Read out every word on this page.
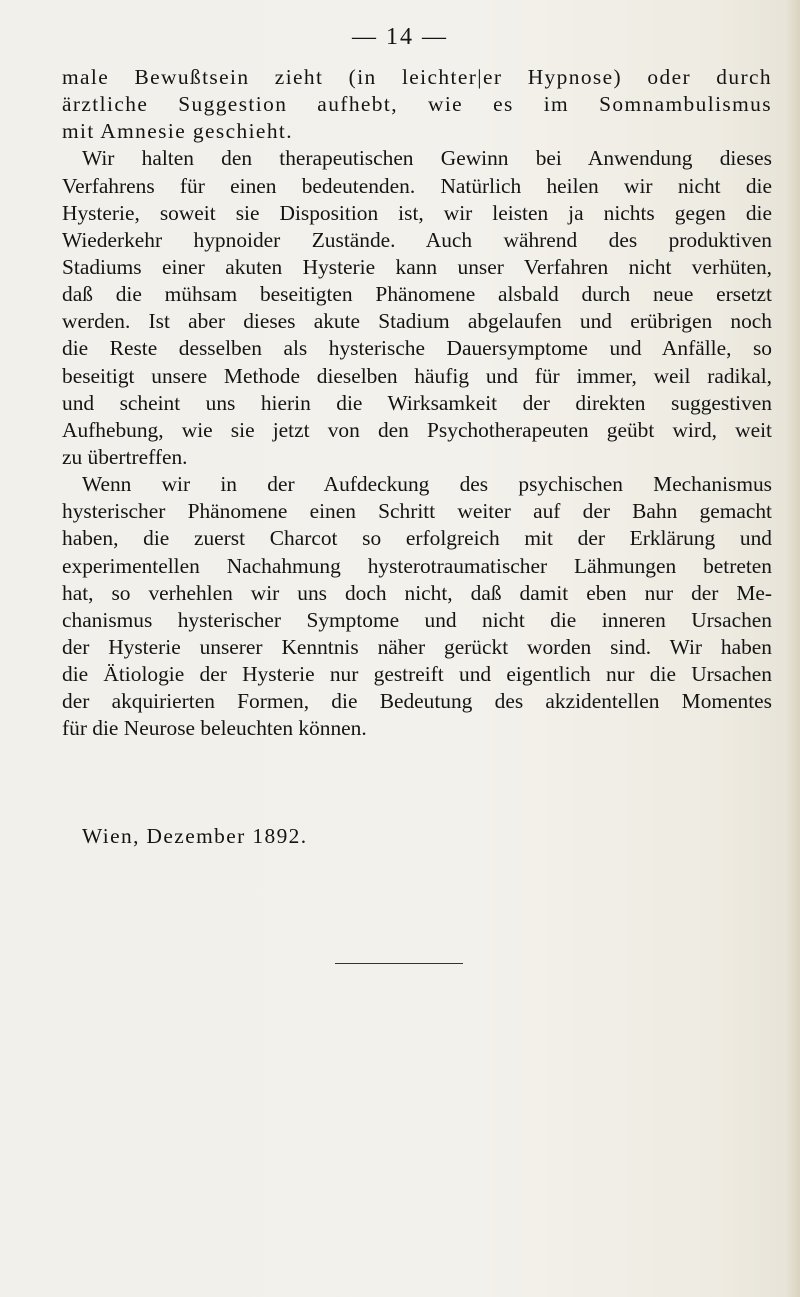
— 14 —
male Bewußtsein zieht (in leichter|er Hypnose) oder durch
ärztliche Suggestion aufhebt, wie es im Somnambulismus
mit Amnesie geschieht.
Wir halten den therapeutischen Gewinn bei Anwendung dieses
Verfahrens für einen bedeutenden. Natürlich heilen wir nicht die
Hysterie, soweit sie Disposition ist, wir leisten ja nichts gegen die
Wiederkehr hypnoider Zustände. Auch während des produktiven
Stadiums einer akuten Hysterie kann unser Verfahren nicht verhüten,
daß die mühsam beseitigten Phänomene alsbald durch neue ersetzt
werden. Ist aber dieses akute Stadium abgelaufen und erübrigen noch
die Reste desselben als hysterische Dauersymptome und Anfälle, so
beseitigt unsere Methode dieselben häufig und für immer, weil radikal,
und scheint uns hierin die Wirksamkeit der direkten suggestiven
Aufhebung, wie sie jetzt von den Psychotherapeuten geübt wird, weit
zu übertreffen.
Wenn wir in der Aufdeckung des psychischen Mechanismus
hysterischer Phänomene einen Schritt weiter auf der Bahn gemacht
haben, die zuerst Charcot so erfolgreich mit der Erklärung und
experimentellen Nachahmung hysterotraumatischer Lähmungen betreten
hat, so verhehlen wir uns doch nicht, daß damit eben nur der Me-
chanismus hysterischer Symptome und nicht die inneren Ursachen
der Hysterie unserer Kenntnis näher gerückt worden sind. Wir haben
die Ätiologie der Hysterie nur gestreift und eigentlich nur die Ursachen
der akquirierten Formen, die Bedeutung des akzidentellen Momentes
für die Neurose beleuchten können.
Wien, Dezember 1892.
